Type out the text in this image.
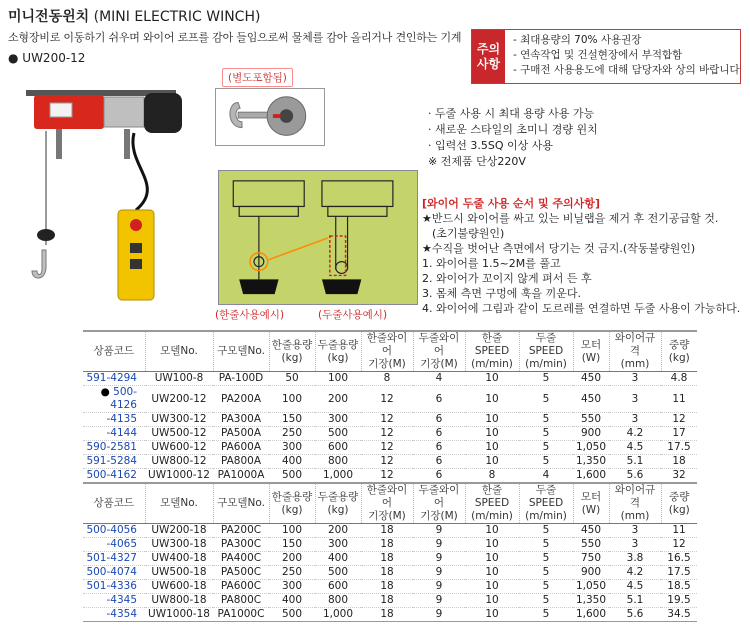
미니전동윈치 (MINI ELECTRIC WINCH)
소형장비로 이동하기 쉬우며 와이어 로프를 감아 들임으로써 물체를 감아 올리거나 견인하는 기계
● UW200-12
주의
사항
- 최대용량의 70% 사용권장
- 연속작업 및 건설현장에서 부적합함
- 구매전 사용용도에 대해 담당자와 상의 바랍니다
(별도포함됨)
· 두줄 사용 시 최대 용량 사용 가능
· 새로운 스타일의 초미니 경량 윈치
· 입력선 3.5SQ 이상 사용
※ 전제품 단상220V
(한줄사용예시)	(두줄사용예시)
[와이어 두줄 사용 순서 및 주의사항]
★반드시 와이어를 싸고 있는 비닐랩을 제거 후 전기공급할 것.
(초기불량원인)
★수직을 벗어난 측면에서 당기는 것 금지.(작동불량원인)
1. 와이어를 1.5~2M를 풀고
2. 와이어가 꼬이지 않게 펴서 든 후
3. 몸체 측면 구멍에 훅을 끼운다.
4. 와이어에 그림과 같이 도르레를 연결하면 두줄 사용이 가능하다.
상품코드	모델No.	구모델No.	한줄용량
(kg)	두줄용량
(kg)	한줄와이어
기장(M)	두줄와이어
기장(M)	한줄SPEED
(m/min)	두줄SPEED
(m/min)	모터
(W)	와이어규격
(mm)	중량
(kg)
591-4294	UW100-8	PA-100D	50	100	8	4	10	5	450	3	4.8
● 500-4126	UW200-12	PA200A	100	200	12	6	10	5	450	3	11
-4135	UW300-12	PA300A	150	300	12	6	10	5	550	3	12
-4144	UW500-12	PA500A	250	500	12	6	10	5	900	4.2	17
590-2581	UW600-12	PA600A	300	600	12	6	10	5	1,050	4.5	17.5
591-5284	UW800-12	PA800A	400	800	12	6	10	5	1,350	5.1	18
500-4162	UW1000-12	PA1000A	500	1,000	12	6	8	4	1,600	5.6	32
상품코드	모델No.	구모델No.	한줄용량
(kg)	두줄용량
(kg)	한줄와이어
기장(M)	두줄와이어
기장(M)	한줄SPEED
(m/min)	두줄SPEED
(m/min)	모터(W)	와이어규격
(mm)	중량
(kg)
500-4056	UW200-18	PA200C	100	200	18	9	10	5	450	3	11
-4065	UW300-18	PA300C	150	300	18	9	10	5	550	3	12
501-4327	UW400-18	PA400C	200	400	18	9	10	5	750	3.8	16.5
500-4074	UW500-18	PA500C	250	500	18	9	10	5	900	4.2	17.5
501-4336	UW600-18	PA600C	300	600	18	9	10	5	1,050	4.5	18.5
-4345	UW800-18	PA800C	400	800	18	9	10	5	1,350	5.1	19.5
-4354	UW1000-18	PA1000C	500	1,000	18	9	10	5	1,600	5.6	34.5
